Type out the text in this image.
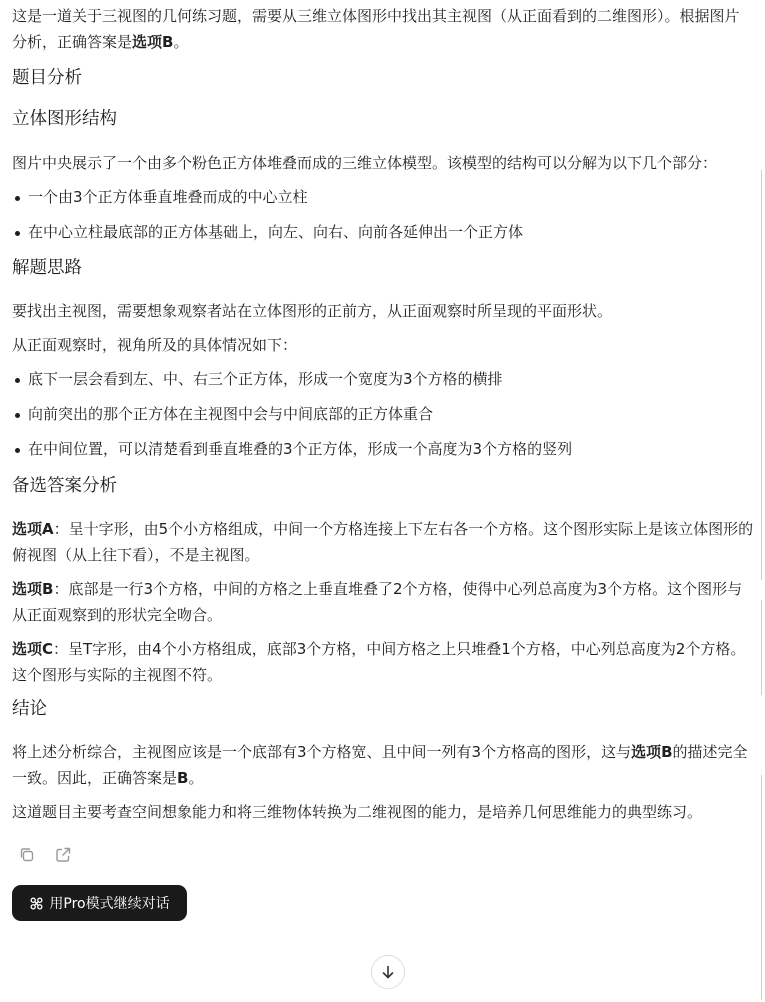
这是一道关于三视图的几何练习题，需要从三维立体图形中找出其主视图（从正面看到的二维图形）。根据图片分析，正确答案是选项B。

题目分析
立体图形结构

图片中央展示了一个由多个粉色正方体堆叠而成的三维立体模型。该模型的结构可以分解为以下几个部分：

一个由3个正方体垂直堆叠而成的中心立柱
在中心立柱最底部的正方体基础上，向左、向右、向前各延伸出一个正方体
解题思路

要找出主视图，需要想象观察者站在立体图形的正前方，从正面观察时所呈现的平面形状。

从正面观察时，视角所及的具体情况如下：

底下一层会看到左、中、右三个正方体，形成一个宽度为3个方格的横排
向前突出的那个正方体在主视图中会与中间底部的正方体重合
在中间位置，可以清楚看到垂直堆叠的3个正方体，形成一个高度为3个方格的竖列
备选答案分析

选项A：呈十字形，由5个小方格组成，中间一个方格连接上下左右各一个方格。这个图形实际上是该立体图形的俯视图（从上往下看），不是主视图。

选项B：底部是一行3个方格，中间的方格之上垂直堆叠了2个方格，使得中心列总高度为3个方格。这个图形与从正面观察到的形状完全吻合。

选项C：呈T字形，由4个小方格组成，底部3个方格，中间方格之上只堆叠1个方格，中心列总高度为2个方格。这个图形与实际的主视图不符。

结论

将上述分析综合，主视图应该是一个底部有3个方格宽、且中间一列有3个方格高的图形，这与选项B的描述完全一致。因此，正确答案是B。

这道题目主要考查空间想象能力和将三维物体转换为二维视图的能力，是培养几何思维能力的典型练习。

用Pro模式继续对话
